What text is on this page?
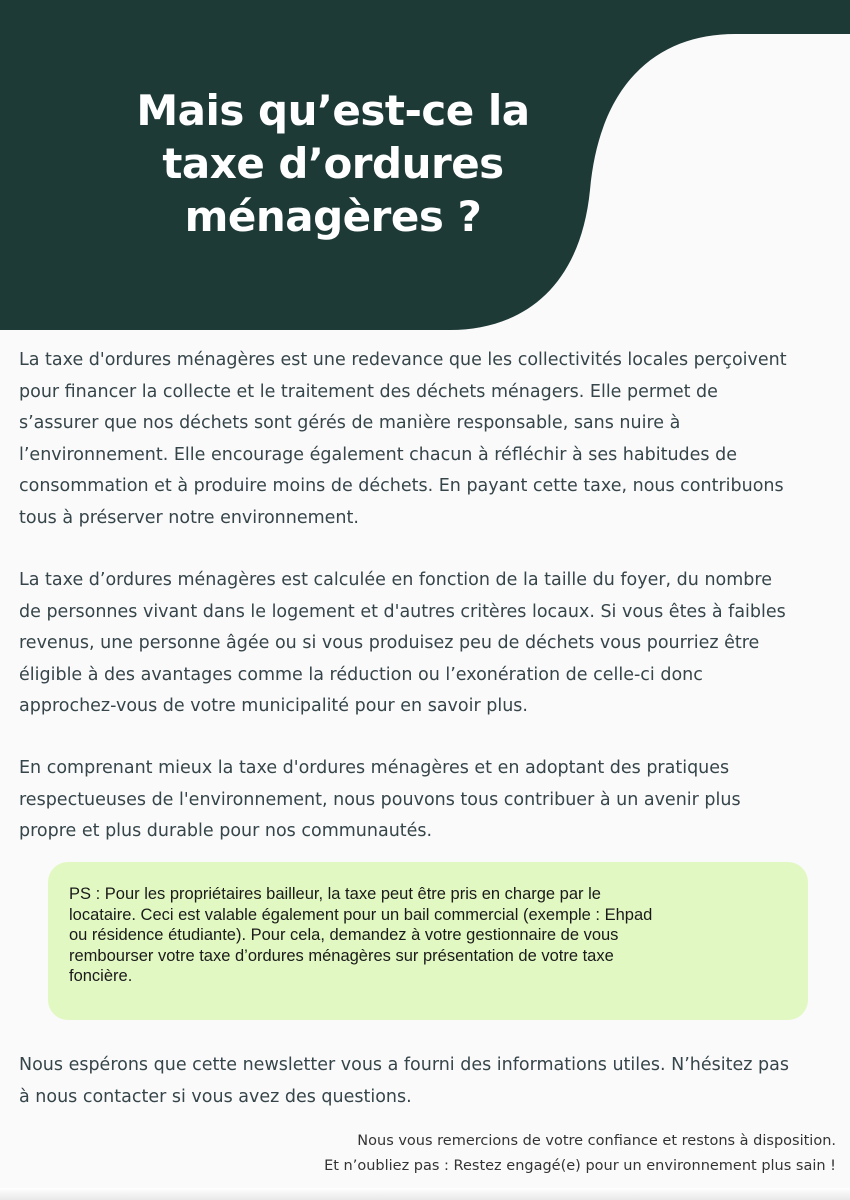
Mais qu’est-ce la taxe d’ordures ménagères ?

La taxe d'ordures ménagères est une redevance que les collectivités locales perçoivent
pour financer la collecte et le traitement des déchets ménagers. Elle permet de
s’assurer que nos déchets sont gérés de manière responsable, sans nuire à
l’environnement. Elle encourage également chacun à réfléchir à ses habitudes de
consommation et à produire moins de déchets. En payant cette taxe, nous contribuons
tous à préserver notre environnement.

La taxe d’ordures ménagères est calculée en fonction de la taille du foyer, du nombre
de personnes vivant dans le logement et d'autres critères locaux. Si vous êtes à faibles
revenus, une personne âgée ou si vous produisez peu de déchets vous pourriez être
éligible à des avantages comme la réduction ou l’exonération de celle-ci donc
approchez-vous de votre municipalité pour en savoir plus.

En comprenant mieux la taxe d'ordures ménagères et en adoptant des pratiques
respectueuses de l'environnement, nous pouvons tous contribuer à un avenir plus
propre et plus durable pour nos communautés.

PS : Pour les propriétaires bailleur, la taxe peut être pris en charge par le
locataire. Ceci est valable également pour un bail commercial (exemple : Ehpad
ou résidence étudiante). Pour cela, demandez à votre gestionnaire de vous
rembourser votre taxe d’ordures ménagères sur présentation de votre taxe
foncière.

Nous espérons que cette newsletter vous a fourni des informations utiles. N’hésitez pas
à nous contacter si vous avez des questions.

Nous vous remercions de votre confiance et restons à disposition.
Et n’oubliez pas : Restez engagé(e) pour un environnement plus sain !
